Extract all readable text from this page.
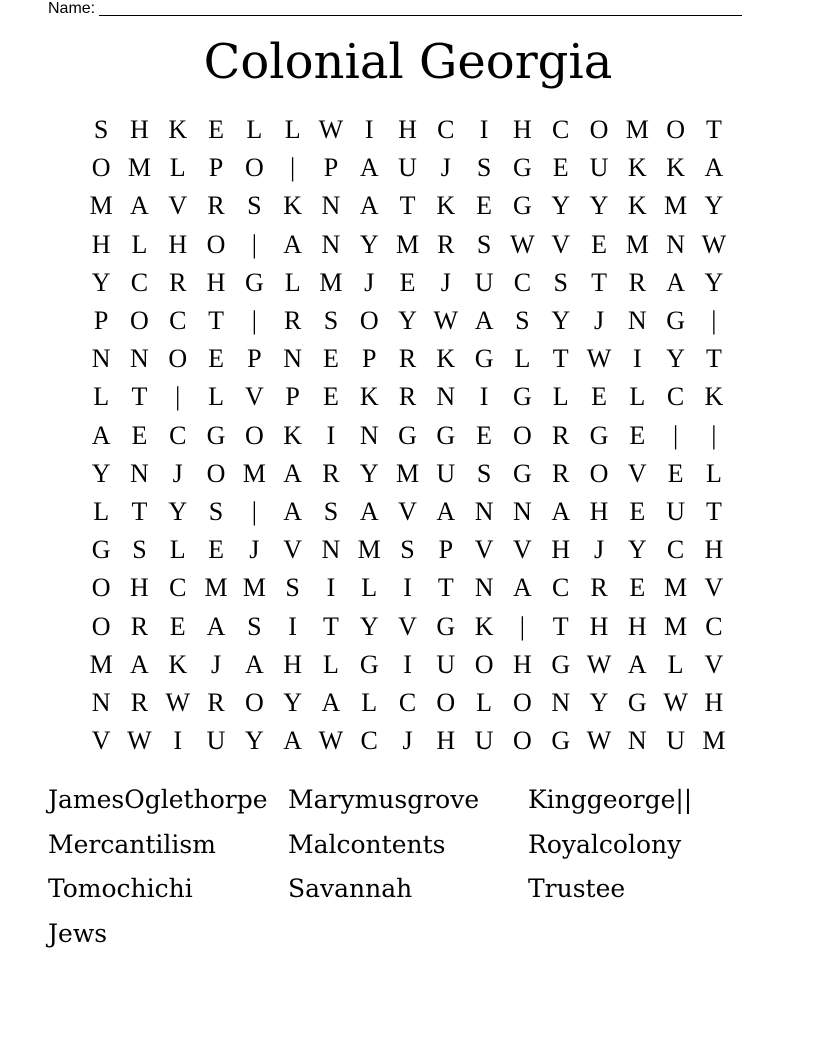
Name:
Colonial Georgia
S H K E L L W I H C I H C O M O T
O M L P O	|	P A U J	S G E U K K A
M A V R S K N A T K E G Y Y K M Y
H L H O	|	A N Y M R S W V E M N W
Y C R H G L M J E J U C S T R A Y
P O C T	|	R S O Y W A S Y J N G	|
N N O E P N E P R K G L T W I Y T
L T	|	L V P E K R N I G L E L C K
A E C G O K I N G G E O R G E	|	|
Y N J O M A R Y M U S G R O V E L
L T Y S	|	A S A V A N N A H E U T
G S L E J V N M S P V V H J Y C H
O H C M M S	I	L	I	T N A C R E M V
O R E A S	I	T Y V G K	|	T H H M C
M A K J A H L G I U O H G W A L V
N R W R O Y A L C O L O N Y G W H
V W I U Y A W C J H U O G W N U M
JamesOglethorpe Marymusgrove	Kinggeorge||
Mercantilism	Malcontents	Royalcolony
Tomochichi	Savannah	Trustee
Jews
